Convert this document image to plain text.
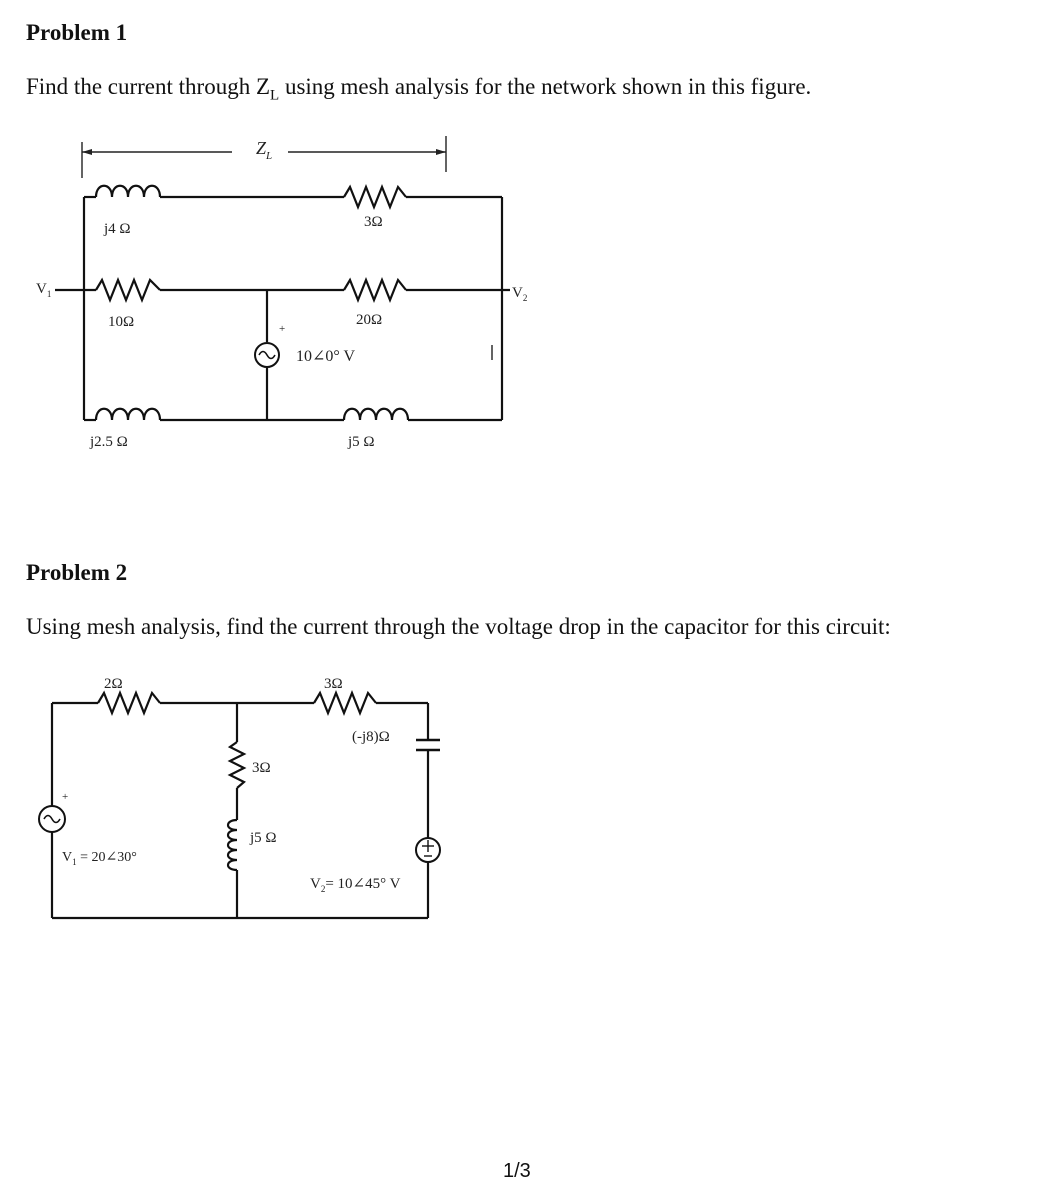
Problem 1
Find the current through $Z_L$ using mesh analysis for the network shown in this figure.
$Z_L$
j4 Ω	3Ω
10Ω	20Ω
+
10∠0° V
j2.5 Ω	j5 Ω
$V_1$	$V_2$
Problem 2
Using mesh analysis, find the current through the voltage drop in the capacitor for this circuit:
2Ω	3Ω
(-j8)Ω
3Ω
j5 Ω
+
$V_1$ = 20∠30°
$V_2=$ 10∠45° V
1/3
